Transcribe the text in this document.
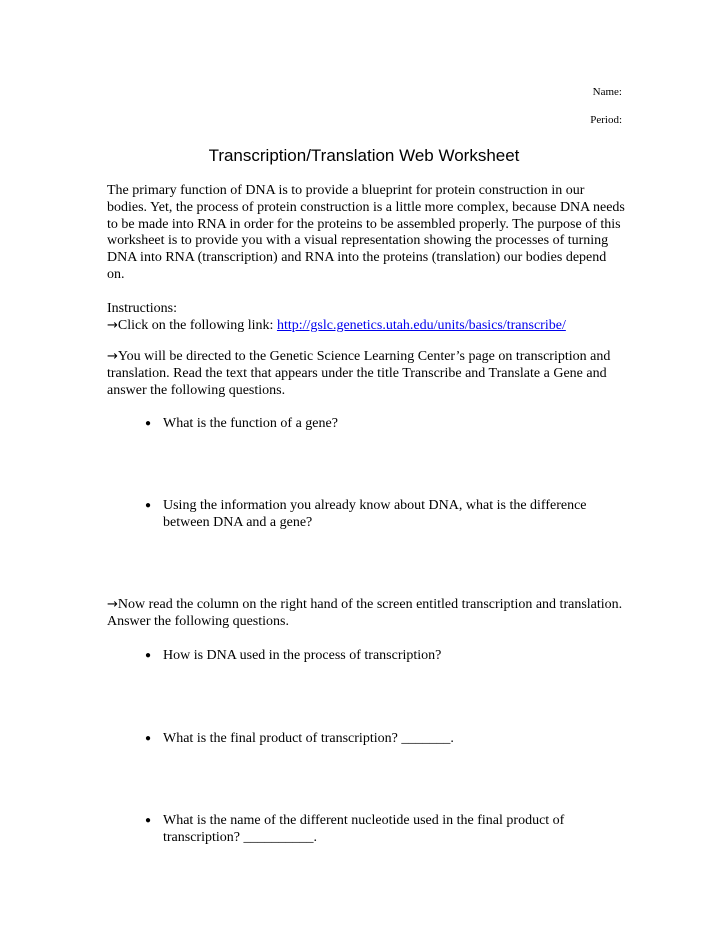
Name:
Period:
Transcription/Translation Web Worksheet

The primary function of DNA is to provide a blueprint for protein construction in our bodies. Yet, the process of protein construction is a little more complex, because DNA needs to be made into RNA in order for the proteins to be assembled properly. The purpose of this worksheet is to provide you with a visual representation showing the processes of turning DNA into RNA (transcription) and RNA into the proteins (translation) our bodies depend on.

Instructions:

→Click on the following link: http://gslc.genetics.utah.edu/units/basics/transcribe/

→You will be directed to the Genetic Science Learning Center’s page on transcription and translation. Read the text that appears under the title Transcribe and Translate a Gene and answer the following questions.

● What is the function of a gene?
● Using the information you already know about DNA, what is the difference between DNA and a gene?

→Now read the column on the right hand of the screen entitled transcription and translation. Answer the following questions.

● How is DNA used in the process of transcription?
● What is the final product of transcription? _______.
● What is the name of the different nucleotide used in the final product of transcription? __________.
